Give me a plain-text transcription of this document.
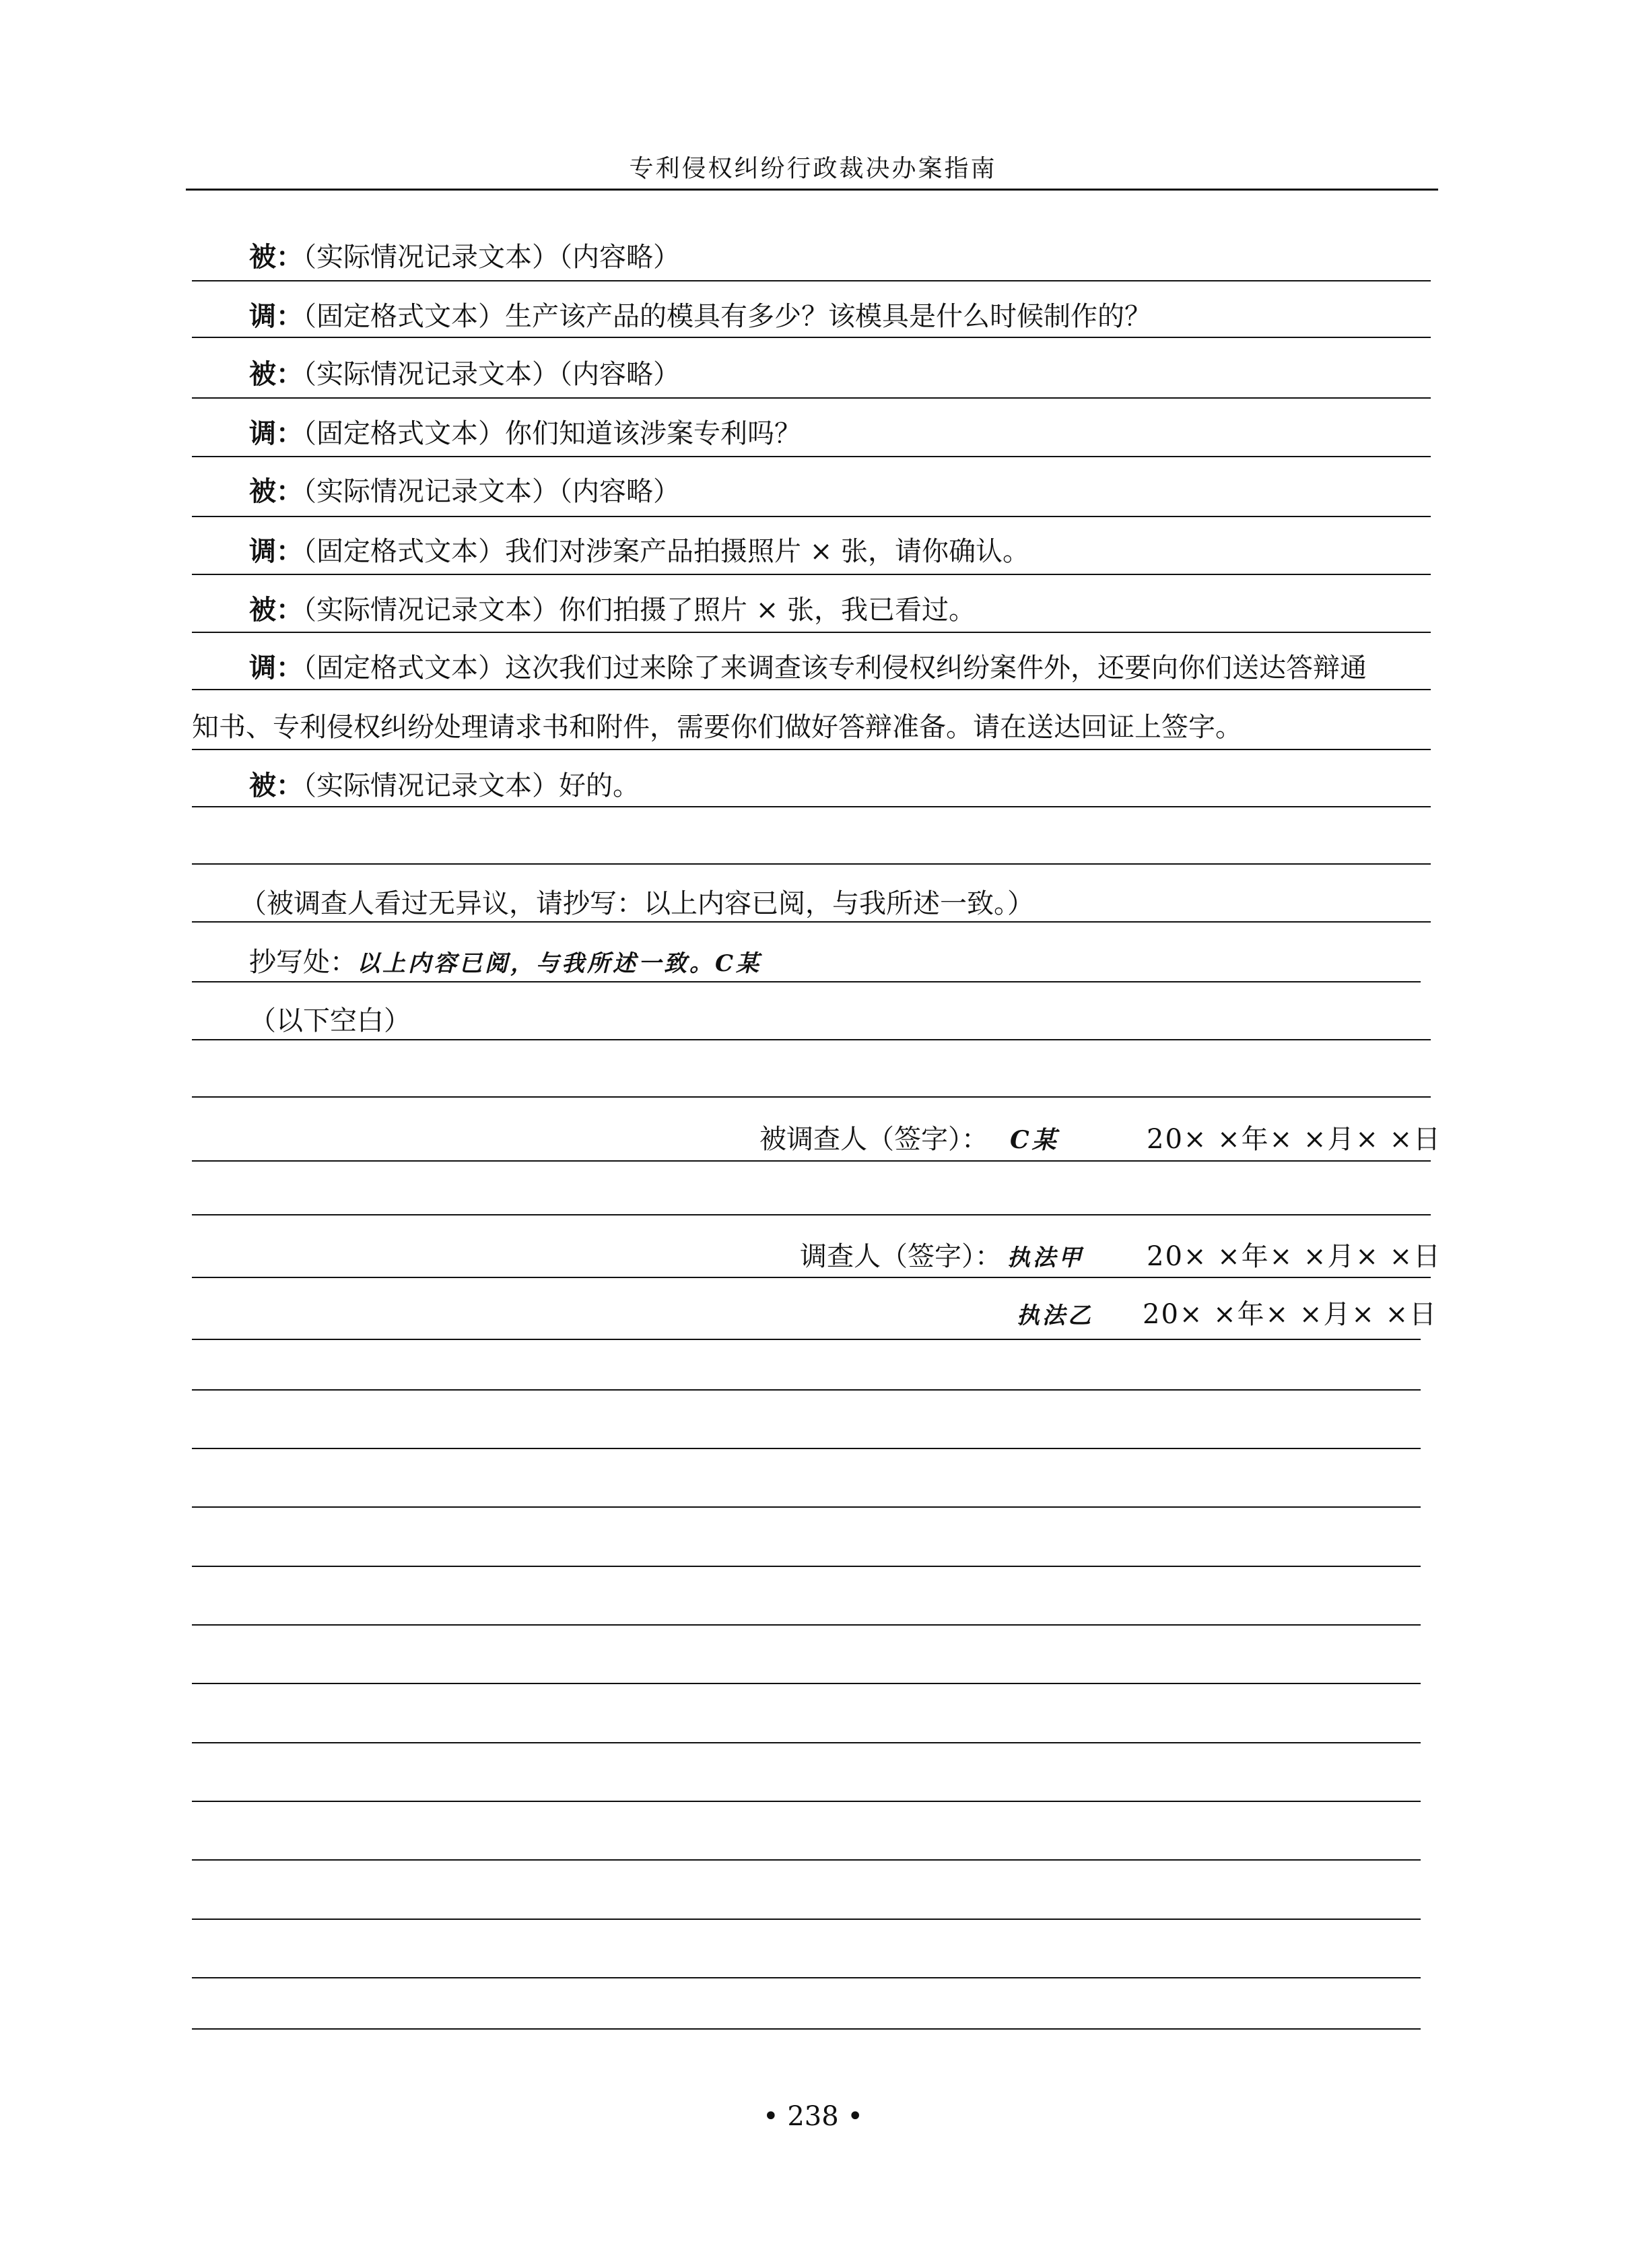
专利侵权纠纷行政裁决办案指南
被：（实际情况记录文本）（内容略）
调：（固定格式文本）生产该产品的模具有多少？该模具是什么时候制作的？
被：（实际情况记录文本）（内容略）
调：（固定格式文本）你们知道该涉案专利吗？
被：（实际情况记录文本）（内容略）
调：（固定格式文本）我们对涉案产品拍摄照片 × 张，请你确认。
被：（实际情况记录文本）你们拍摄了照片 × 张，我已看过。
调：（固定格式文本）这次我们过来除了来调查该专利侵权纠纷案件外，还要向你们送达答辩通
知书、专利侵权纠纷处理请求书和附件，需要你们做好答辩准备。请在送达回证上签字。
被：（实际情况记录文本）好的。
（被调查人看过无异议，请抄写：以上内容已阅，与我所述一致。）
抄写处：以上内容已阅，与我所述一致。C某
（以下空白）
被调查人（签字）： C某	20× ×年× ×月× ×日
调查人（签字）： 执法甲 20× ×年× ×月× ×日
执法乙 20× ×年× ×月× ×日
• 238 •
